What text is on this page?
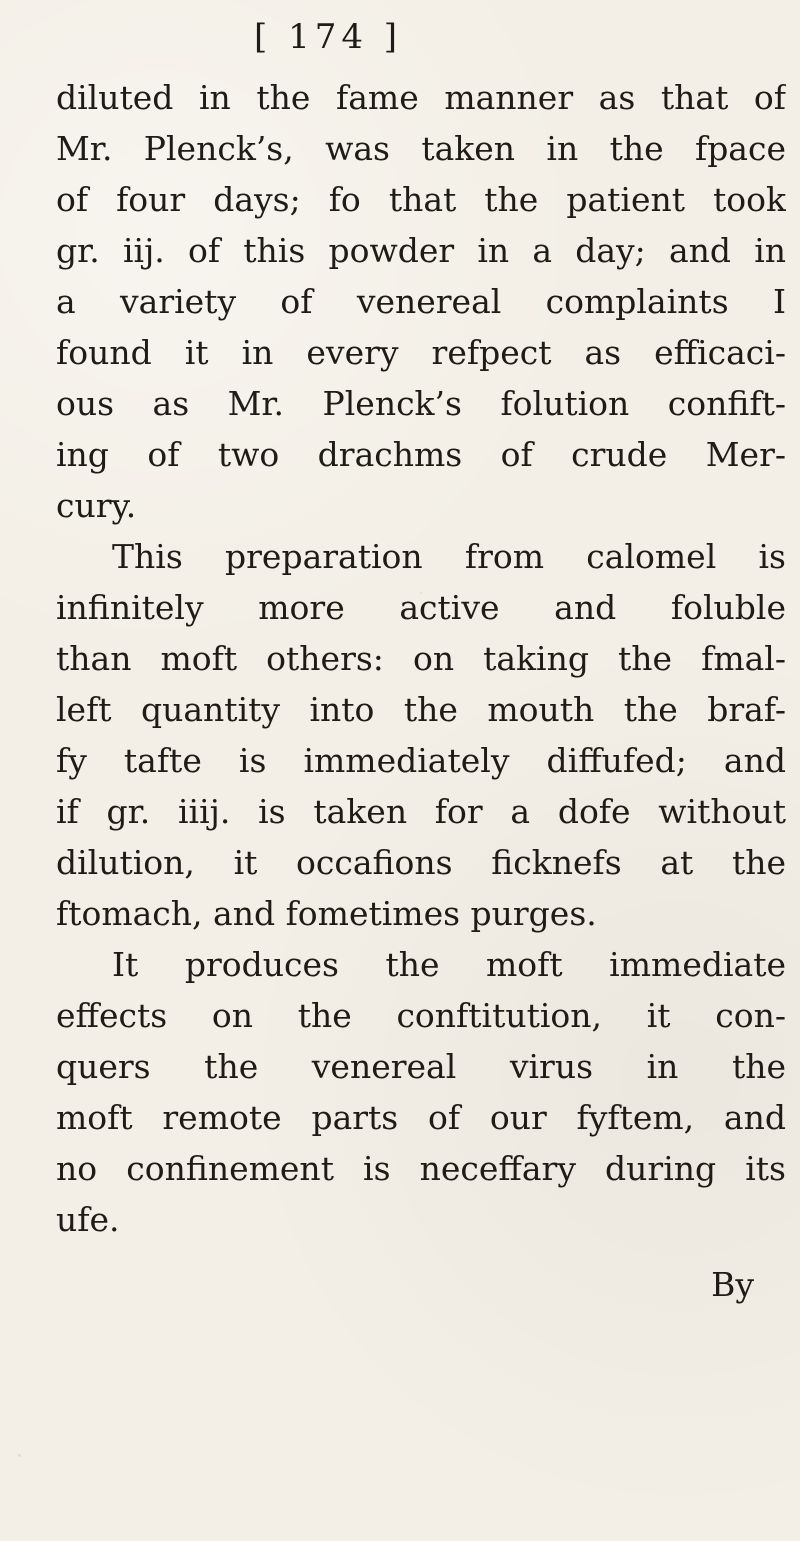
[ 174 ]
diluted in the fame manner as that of
Mr. Plenck’s, was taken in the fpace
of four days; fo that the patient took
gr. iij. of this powder in a day; and in
a variety of venereal complaints I
found it in every refpect as efficaci-
ous as Mr. Plenck’s folution confift-
ing of two drachms of crude Mer-
cury.
This preparation from calomel is
infinitely more active and foluble
than moft others: on taking the fmal-
left quantity into the mouth the braf-
fy tafte is immediately diffufed; and
if gr. iiij. is taken for a dofe without
dilution, it occafions ficknefs at the
ftomach, and fometimes purges.
It produces the moft immediate
effects on the conftitution, it con-
quers the venereal virus in the
moft remote parts of our fyftem, and
no confinement is neceffary during its
ufe.
By
